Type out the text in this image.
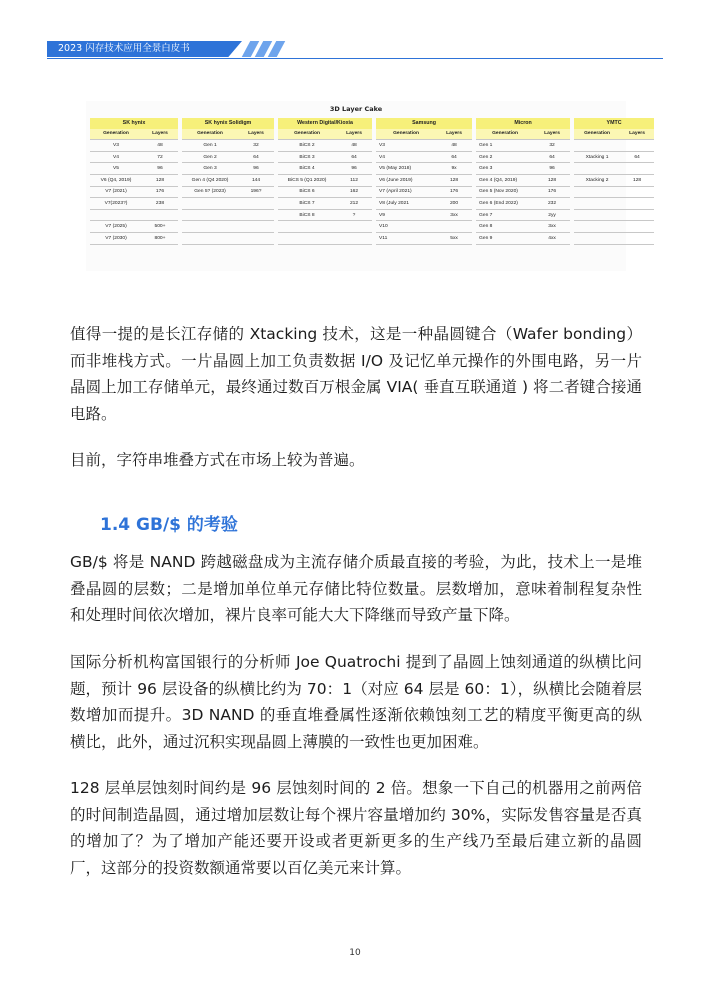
2023 闪存技术应用全景白皮书
3D Layer Cake
SK hynix			SK hynix Solidigm			Western Digital/Kioxia			Samsung			Micron			YMTC	
Generation	Layers		Generation	Layers		Generation	Layers		Generation	Layers		Generation	Layers		Generation	Layers
V3	48		Gen 1	32		BiCS 2	48		V3	48		Gen 1	32			
V4	72		Gen 2	64		BiCS 3	64		V4	64		Gen 2	64		Xtacking 1	64
V5	96		Gen 3	96		BiCS 4	96		V5 (May 2018)	9x		Gen 3	96			
V6 (Q4, 2019)	128		Gen 4 (Q4 2020)	144		BiCS 5 (Q1 2020)	112		V6 (June 2019)	128		Gen 4 (Q4, 2019)	128		Xtacking 2	128
V7 (2021)	176		Gen 5? (2023)	196?		BiCS 6	162		V7 (April 2021)	176		Gen 5 (Nov 2020)	176			
V7(2023?)	238					BiCS 7	212		V8 (July 2021	200		Gen 6 (End 2022)	232			
						BiCS 8	?		V9	3xx		Gen 7	2yy			
V7 (2025)	500+								V10			Gen 8	3xx			
V7 (2030)	800+								V11	5xx		Gen 9	4xx			
值得一提的是长江存储的 Xtacking 技术，这是一种晶圆键合（Wafer bonding）而非堆栈方式。一片晶圆上加工负责数据 I/O 及记忆单元操作的外围电路，另一片晶圆上加工存储单元，最终通过数百万根金属 VIA( 垂直互联通道 ) 将二者键合接通电路。
目前，字符串堆叠方式在市场上较为普遍。
1.4 GB/$ 的考验
GB/$ 将是 NAND 跨越磁盘成为主流存储介质最直接的考验，为此，技术上一是堆叠晶圆的层数；二是增加单位单元存储比特位数量。层数增加，意味着制程复杂性和处理时间依次增加，裸片良率可能大大下降继而导致产量下降。
国际分析机构富国银行的分析师 Joe Quatrochi 提到了晶圆上蚀刻通道的纵横比问题，预计 96 层设备的纵横比约为 70：1（对应 64 层是 60：1），纵横比会随着层数增加而提升。3D NAND 的垂直堆叠属性逐渐依赖蚀刻工艺的精度平衡更高的纵横比，此外，通过沉积实现晶圆上薄膜的一致性也更加困难。
128 层单层蚀刻时间约是 96 层蚀刻时间的 2 倍。想象一下自己的机器用之前两倍的时间制造晶圆，通过增加层数让每个裸片容量增加约 30%，实际发售容量是否真的增加了？为了增加产能还要开设或者更新更多的生产线乃至最后建立新的晶圆厂，这部分的投资数额通常要以百亿美元来计算。
10
